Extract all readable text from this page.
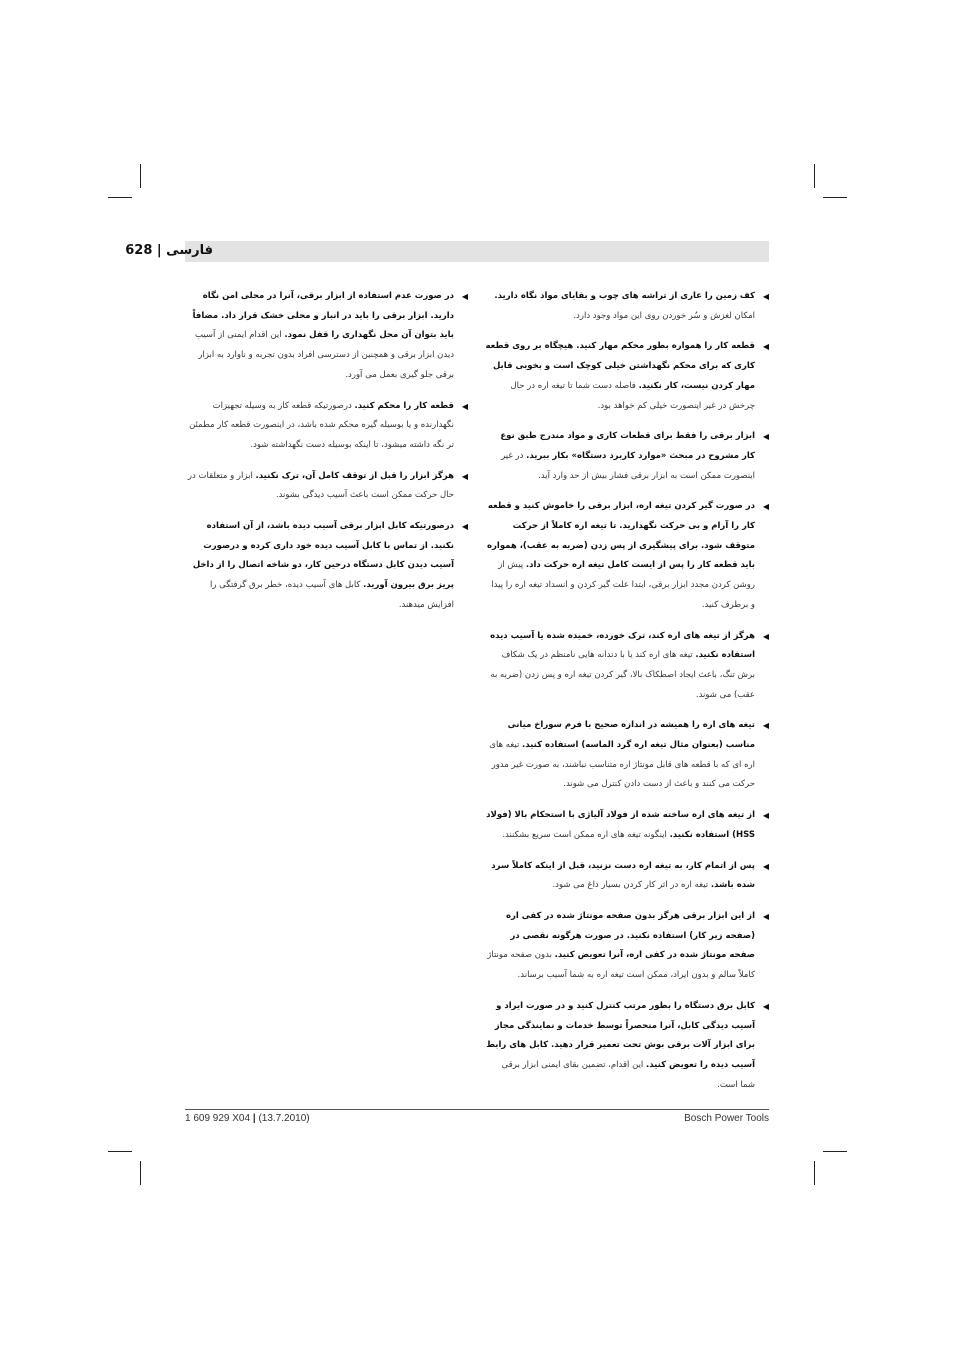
فارسی | 628
◀
کف زمین را عاری از تراشه های چوب و بقایای مواد نگاه دارید. امکان لغزش و سُر خوردن روی این مواد وجود دارد.
◀
قطعه کار را همواره بطور محکم مهار کنید. هیچگاه بر روی قطعه کاری که برای محکم نگهداشتن خیلی کوچک است و بخوبی قابل مهار کردن نیست، کار نکنید. فاصله دست شما تا تیغه اره در حال چرخش در غیر اینصورت خیلی کم خواهد بود.
◀
ابزار برقی را فقط برای قطعات کاری و مواد مندرج طبق نوع کار مشروح در مبحث «موارد کاربرد دستگاه» بکار ببرید. در غیر اینصورت ممکن است به ابزار برقی فشار بیش از حد وارد آید.
◀
در صورت گیر کردن تیغه اره، ابزار برقی را خاموش کنید و قطعه کار را آرام و بی حرکت نگهدارید. تا تیغه اره کاملاً از حرکت متوقف شود. برای پیشگیری از پس زدن (ضربه به عقب)، همواره باید قطعه کار را پس از ایست کامل تیغه اره حرکت داد. پیش از روشن کردن مجدد ابزار برقی، ابتدا علت گیر کردن و انسداد تیغه اره را پیدا و برطرف کنید.
◀
هرگز از تیغه های اره کند، ترک خورده، خمیده شده یا آسیب دیده استفاده نکنید. تیغه های اره کند یا با دندانه هایی نامنظم در یک شکاف برش تنگ، باعث ایجاد اصطکاک بالا، گیر کردن تیغه اره و پس زدن (ضربه به عقب) می شوند.
◀
تیغه های اره را همیشه در اندازه صحیح با فرم سوراخ میانی مناسب (بعنوان مثال تیغه اره گرد الماسه) استفاده کنید. تیغه های اره ای که با قطعه های قابل مونتاژ اره متناسب نباشند، به صورت غیر مدور حرکت می کنند و باعث از دست دادن کنترل می شوند.
◀
از تیغه های اره ساخته شده از فولاد آلیاژی با استحکام بالا (فولاد HSS) استفاده نکنید. اینگونه تیغه های اره ممکن است سریع بشکنند.
◀
پس از اتمام کار، به تیغه اره دست نزنید، قبل از اینکه کاملاً سرد شده باشد. تیغه اره در اثر کار کردن بسیار داغ می شود.
◀
از این ابزار برقی هرگز بدون صفحه مونتاژ شده در کفی اره (صفحه زیر کار) استفاده نکنید. در صورت هرگونه نقصی در صفحه مونتاژ شده در کفی اره، آنرا تعویض کنید. بدون صفحه مونتاژ کاملاً سالم و بدون ایراد، ممکن است تیغه اره به شما آسیب برساند.
◀
کابل برق دستگاه را بطور مرتب کنترل کنید و در صورت ایراد و آسیب دیدگی کابل، آنرا منحصراً توسط خدمات و نمایندگی مجاز برای ابزار آلات برقی بوش تحت تعمیر قرار دهید. کابل های رابط آسیب دیده را تعویض کنید. این اقدام، تضمین بقای ایمنی ابزار برقی شما است.
◀
در صورت عدم استفاده از ابزار برقی، آنرا در محلی امن نگاه دارید. ابزار برقی را باید در انبار و محلی خشک قرار داد. مضافاً باید بتوان آن محل نگهداری را قفل نمود. این اقدام ایمنی از آسیب دیدن ابزار برقی و همچنین از دسترسی افراد بدون تجربه و ناوارد به ابزار برقی جلو گیری بعمل می آورد.
◀
قطعه کار را محکم کنید. درصورتیکه قطعه کار به وسیله تجهیزات نگهدارنده و یا بوسیله گیره محکم شده باشد، در اینصورت قطعه کار مطمئن تر نگه داشته میشود، تا اینکه بوسیله دست نگهداشته شود.
◀
هرگز ابزار را قبل از توقف کامل آن، ترک نکنید. ابزار و متعلقات در حال حرکت ممکن است باعث آسیب دیدگی بشوند.
◀
درصورتیکه کابل ابزار برقی آسیب دیده باشد، از آن استفاده نکنید. از تماس با کابل آسیب دیده خود داری کرده و درصورت آسیب دیدن کابل دستگاه درحین کار، دو شاخه اتصال را از داخل پریز برق بیرون آورید. کابل های آسیب دیده، خطر برق گرفتگی را افزایش میدهند.
1 609 929 X04 | (13.7.2010)	Bosch Power Tools
